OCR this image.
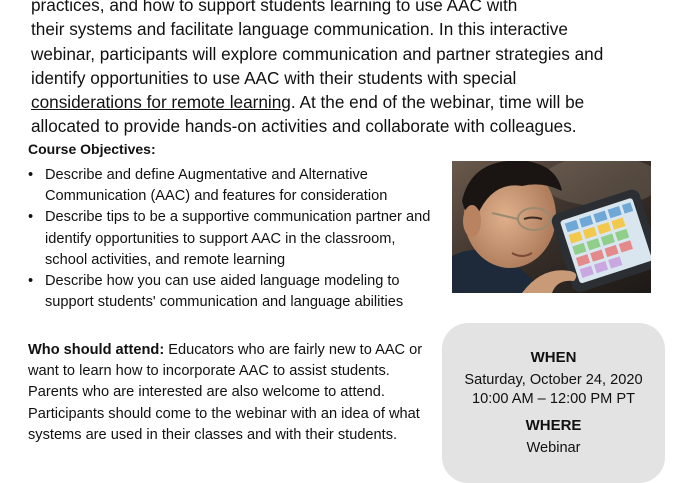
practices, and how to support students learning to use AAC with
their systems and facilitate language communication. In this interactive
webinar, participants will explore communication and partner strategies and
identify opportunities to use AAC with their students with special
considerations for remote learning. At the end of the webinar, time will be
allocated to provide hands-on activities and collaborate with colleagues.

Course Objectives:

• Describe and define Augmentative and Alternative Communication (AAC) and features for consideration
• Describe tips to be a supportive communication partner and identify opportunities to support AAC in the classroom, school activities, and remote learning
• Describe how you can use aided language modeling to support students' communication and language abilities

Who should attend: Educators who are fairly new to AAC or want to learn how to incorporate AAC to assist students. Parents who are interested are also welcome to attend. Participants should come to the webinar with an idea of what systems are used in their classes and with their students.

WHEN

Saturday, October 24, 2020

10:00 AM – 12:00 PM PT

WHERE

Webinar
